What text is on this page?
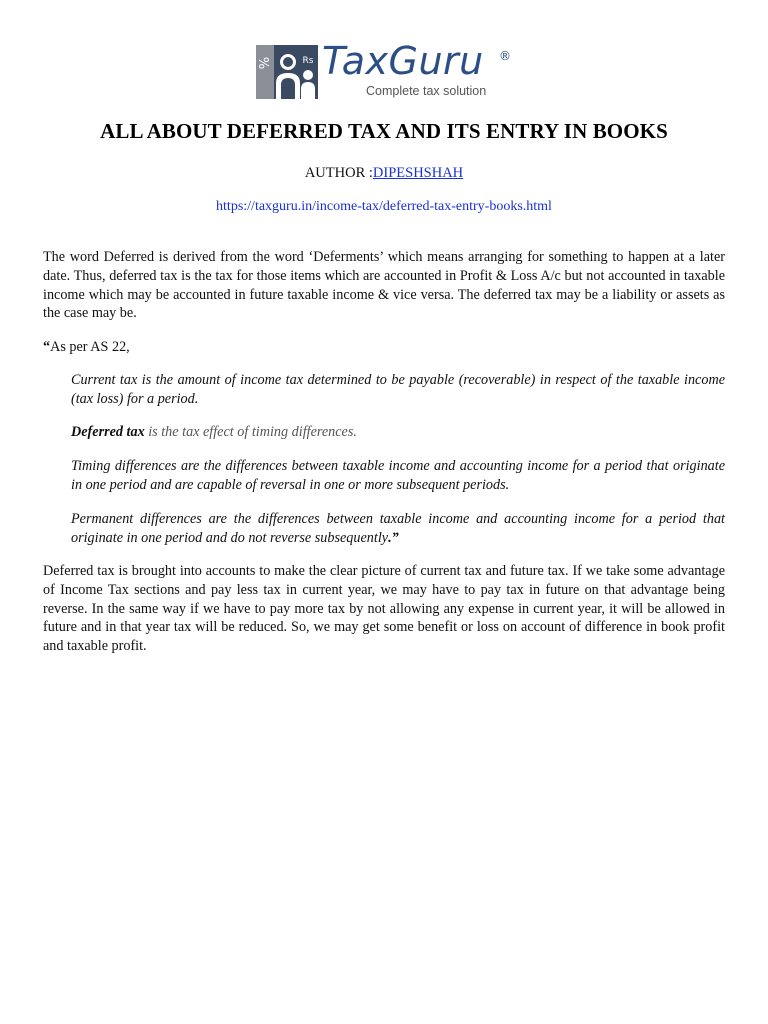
%	Rs TaxGuru ®
Complete tax solution
ALL ABOUT DEFERRED TAX AND ITS ENTRY IN BOOKS
AUTHOR :DIPESHSHAH
https://taxguru.in/income-tax/deferred-tax-entry-books.html

The word Deferred is derived from the word ‘Deferments’ which means arranging for something to happen at a later date. Thus, deferred tax is the tax for those items which are accounted in Profit & Loss A/c but not accounted in taxable income which may be accounted in future taxable income & vice versa. The deferred tax may be a liability or assets as the case may be.

“As per AS 22,

Current tax is the amount of income tax determined to be payable (recoverable) in respect of the taxable income (tax loss) for a period.

Deferred tax is the tax effect of timing differences.

Timing differences are the differences between taxable income and accounting income for a period that originate in one period and are capable of reversal in one or more subsequent periods.

Permanent differences are the differences between taxable income and accounting income for a period that originate in one period and do not reverse subsequently.”

Deferred tax is brought into accounts to make the clear picture of current tax and future tax. If we take some advantage of Income Tax sections and pay less tax in current year, we may have to pay tax in future on that advantage being reverse. In the same way if we have to pay more tax by not allowing any expense in current year, it will be allowed in future and in that year tax will be reduced. So, we may get some benefit or loss on account of difference in book profit and taxable profit.
